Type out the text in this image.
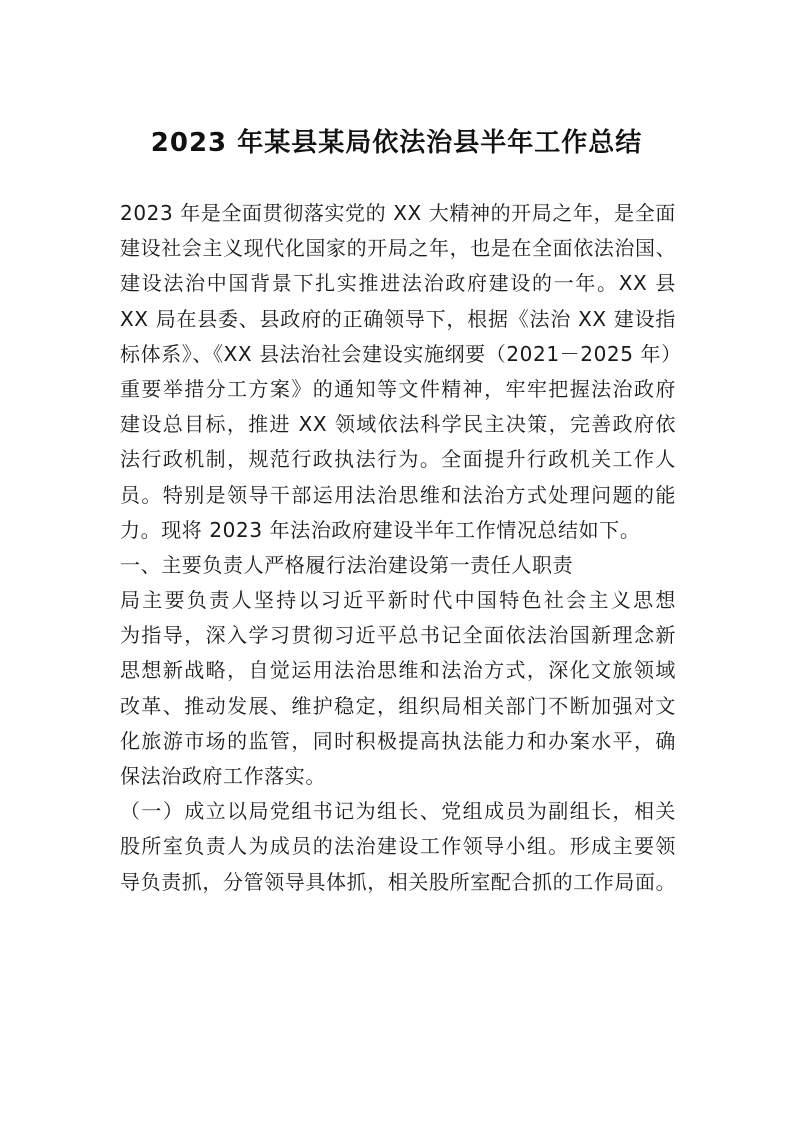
2023 年某县某局依法治县半年工作总结
2023 年是全面贯彻落实党的 XX 大精神的开局之年，是全面
建设社会主义现代化国家的开局之年，也是在全面依法治国、
建设法治中国背景下扎实推进法治政府建设的一年。XX 县
XX 局在县委、县政府的正确领导下，根据《法治 XX 建设指
标体系》、《XX 县法治社会建设实施纲要（2021－2025 年）
重要举措分工方案》的通知等文件精神，牢牢把握法治政府
建设总目标，推进 XX 领域依法科学民主决策，完善政府依
法行政机制，规范行政执法行为。全面提升行政机关工作人
员。特别是领导干部运用法治思维和法治方式处理问题的能
力。现将 2023 年法治政府建设半年工作情况总结如下。
一、主要负责人严格履行法治建设第一责任人职责
局主要负责人坚持以习近平新时代中国特色社会主义思想
为指导，深入学习贯彻习近平总书记全面依法治国新理念新
思想新战略，自觉运用法治思维和法治方式，深化文旅领域
改革、推动发展、维护稳定，组织局相关部门不断加强对文
化旅游市场的监管，同时积极提高执法能力和办案水平，确
保法治政府工作落实。
（一）成立以局党组书记为组长、党组成员为副组长，相关
股所室负责人为成员的法治建设工作领导小组。形成主要领
导负责抓，分管领导具体抓，相关股所室配合抓的工作局面。
